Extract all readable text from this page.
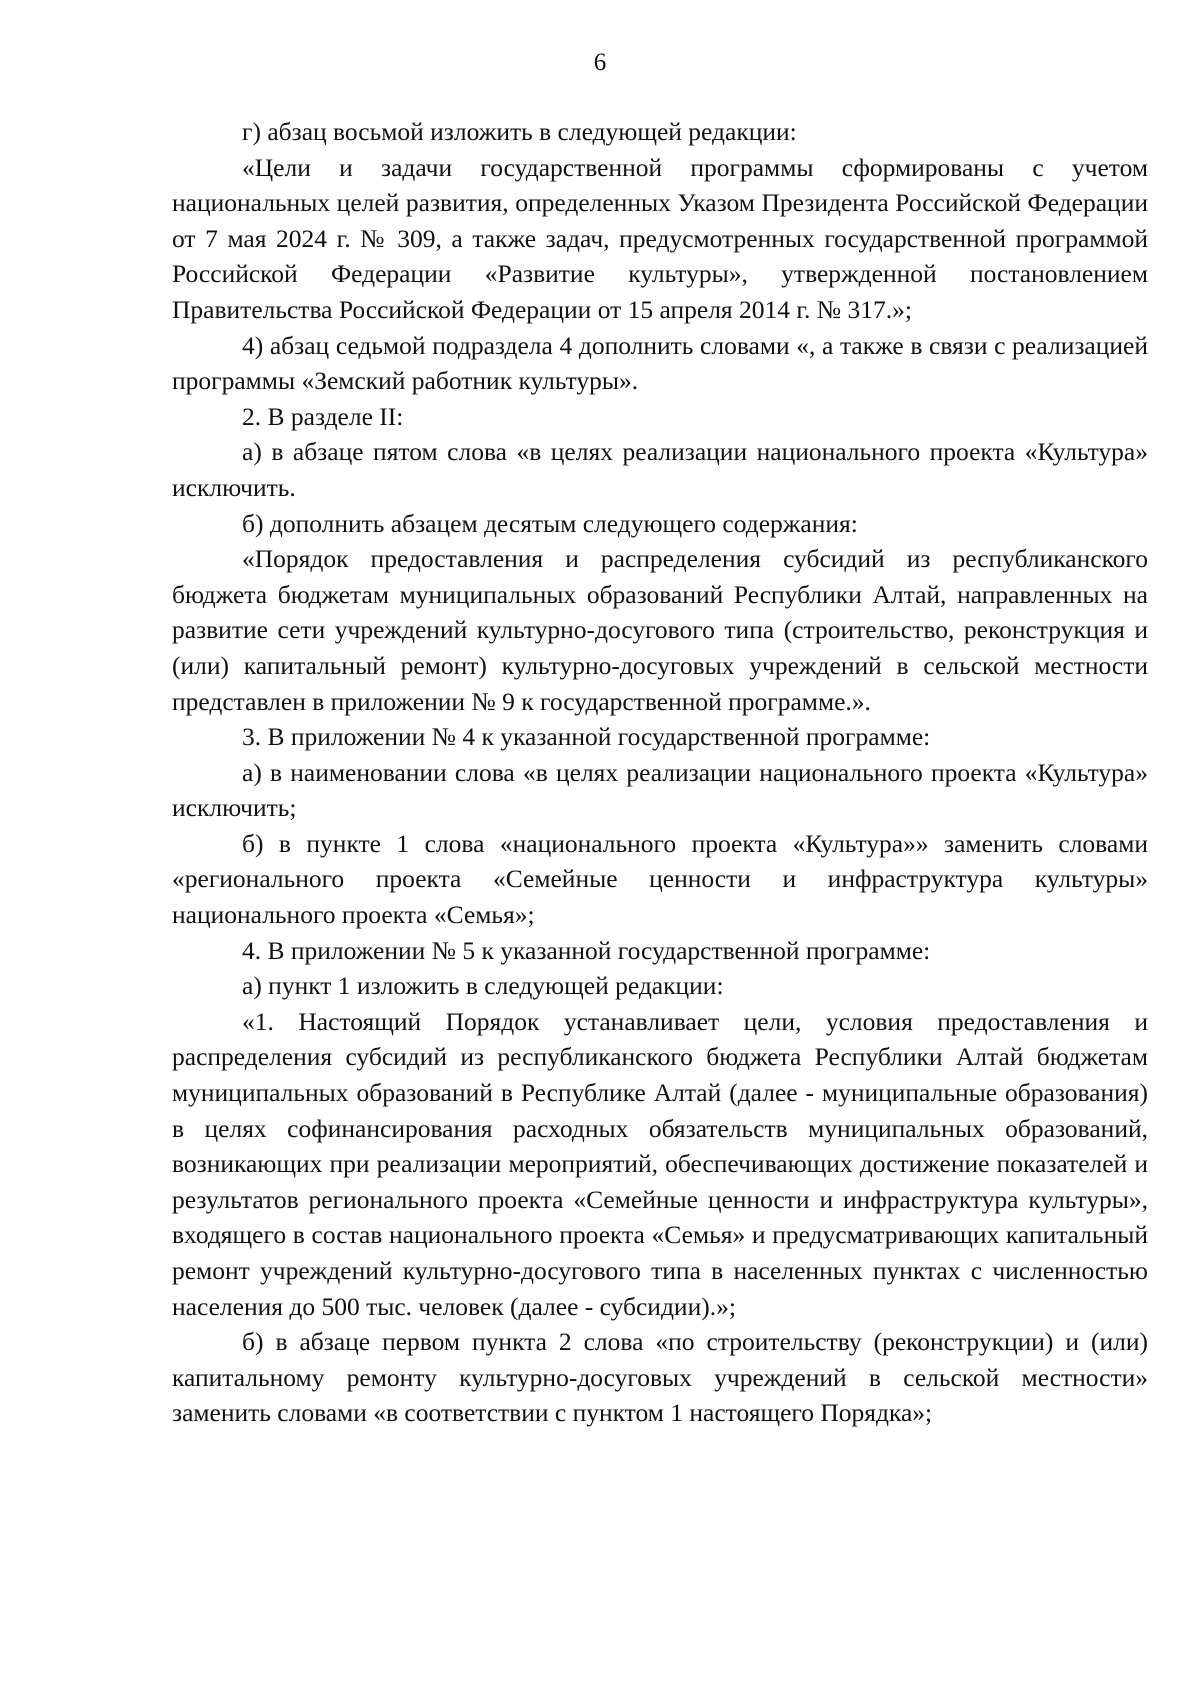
6

г) абзац восьмой изложить в следующей редакции:

«Цели и задачи государственной программы сформированы с учетом национальных целей развития, определенных Указом Президента Российской Федерации от 7 мая 2024 г. № 309, а также задач, предусмотренных государственной программой Российской Федерации «Развитие культуры», утвержденной постановлением Правительства Российской Федерации от 15 апреля 2014 г. № 317.»;

4) абзац седьмой подраздела 4 дополнить словами «, а также в связи с реализацией программы «Земский работник культуры».

2. В разделе II:

а) в абзаце пятом слова «в целях реализации национального проекта «Культура» исключить.

б) дополнить абзацем десятым следующего содержания:

«Порядок предоставления и распределения субсидий из республиканского бюджета бюджетам муниципальных образований Республики Алтай, направленных на развитие сети учреждений культурно-досугового типа (строительство, реконструкция и (или) капитальный ремонт) культурно-досуговых учреждений в сельской местности представлен в приложении № 9 к государственной программе.».

3. В приложении № 4 к указанной государственной программе:

а) в наименовании слова «в целях реализации национального проекта «Культура» исключить;

б) в пункте 1 слова «национального проекта «Культура»» заменить словами «регионального проекта «Семейные ценности и инфраструктура культуры» национального проекта «Семья»;

4. В приложении № 5 к указанной государственной программе:

а) пункт 1 изложить в следующей редакции:

«1. Настоящий Порядок устанавливает цели, условия предоставления и распределения субсидий из республиканского бюджета Республики Алтай бюджетам муниципальных образований в Республике Алтай (далее - муниципальные образования) в целях софинансирования расходных обязательств муниципальных образований, возникающих при реализации мероприятий, обеспечивающих достижение показателей и результатов регионального проекта «Семейные ценности и инфраструктура культуры», входящего в состав национального проекта «Семья» и предусматривающих капитальный ремонт учреждений культурно-досугового типа в населенных пунктах с численностью населения до 500 тыс. человек (далее - субсидии).»;

б) в абзаце первом пункта 2 слова «по строительству (реконструкции) и (или) капитальному ремонту культурно-досуговых учреждений в сельской местности» заменить словами «в соответствии с пунктом 1 настоящего Порядка»;
